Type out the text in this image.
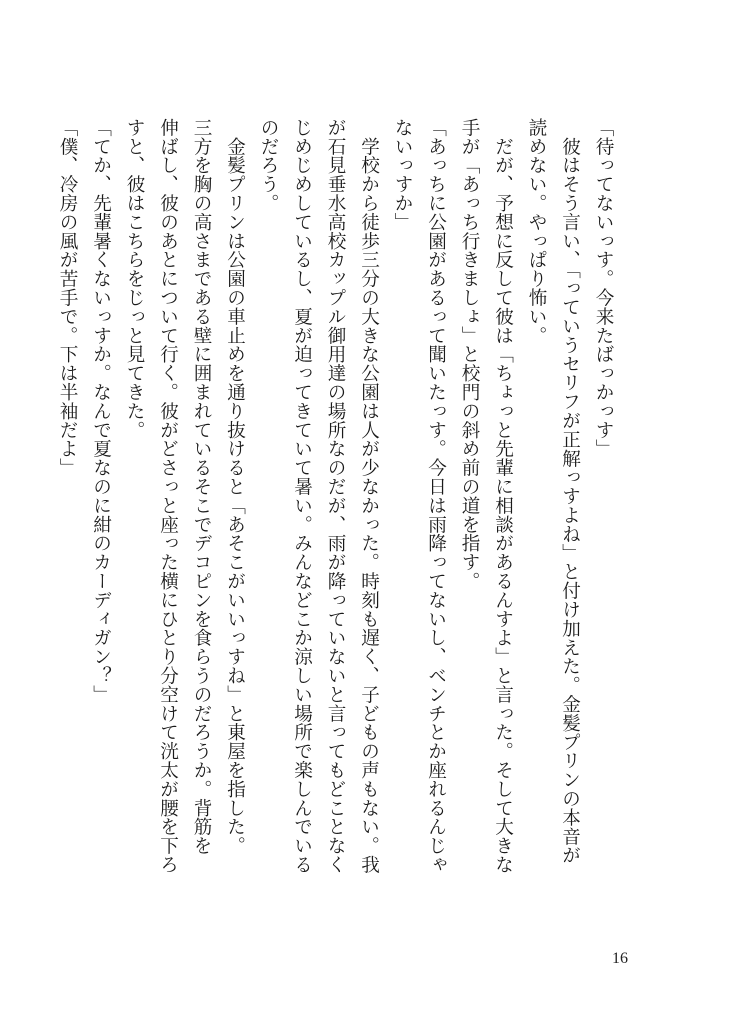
「待ってないっす。今来たばっかっす」
　彼はそう言い、「っていうセリフが正解っすよね」と付け加えた。金髪プリンの本音が
読めない。やっぱり怖い。
　だが、予想に反して彼は「ちょっと先輩に相談があるんすよ」と言った。そして大きな
手が「あっち行きましょ」と校門の斜め前の道を指す。
「あっちに公園があるって聞いたっす。今日は雨降ってないし、ベンチとか座れるんじゃ
ないっすか」
　学校から徒歩三分の大きな公園は人が少なかった。時刻も遅く、子どもの声もない。我
が石見垂水高校カップル御用達の場所なのだが、雨が降っていないと言ってもどことなく
じめじめしているし、夏が迫ってきていて暑い。みんなどこか涼しい場所で楽しんでいる
のだろう。
　金髪プリンは公園の車止めを通り抜けると「あそこがいいっすね」と東屋を指した。
三方を胸の高さまである壁に囲まれているそこでデコピンを食らうのだろうか。背筋を
伸ばし、彼のあとについて行く。彼がどさっと座った横にひとり分空けて洸太が腰を下ろ
すと、彼はこちらをじっと見てきた。
「てか、先輩暑くないっすか。なんで夏なのに紺のカーディガン？」
「僕、冷房の風が苦手で。下は半袖だよ」
16
